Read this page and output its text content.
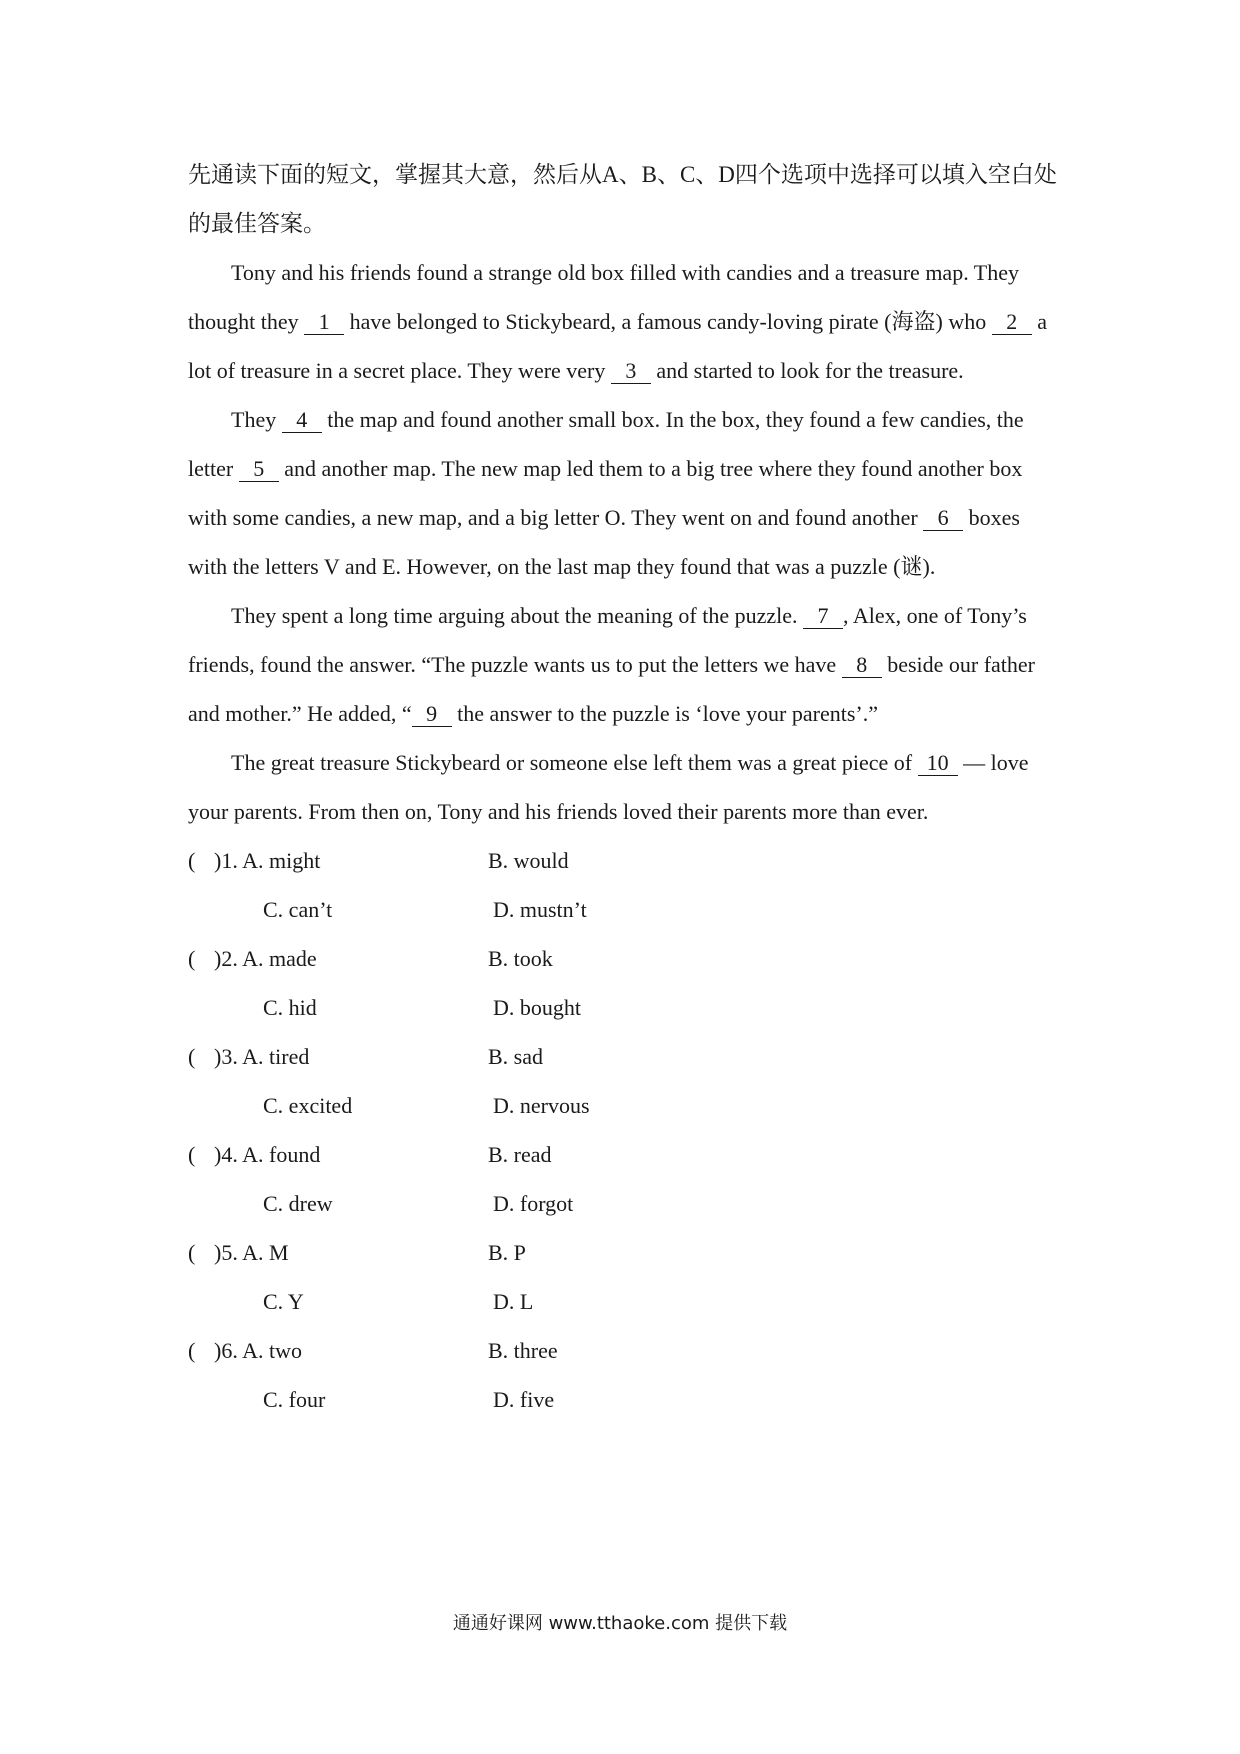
先通读下面的短文，掌握其大意，然后从A、B、C、D四个选项中选择可以填入空白处的最佳答案。

Tony and his friends found a strange old box filled with candies and a treasure map. They thought they 1 have belonged to Stickybeard, a famous candy-loving pirate (海盗) who 2 a lot of treasure in a secret place. They were very 3 and started to look for the treasure.

They 4 the map and found another small box. In the box, they found a few candies, the letter 5 and another map. The new map led them to a big tree where they found another box with some candies, a new map, and a big letter O. They went on and found another 6 boxes with the letters V and E. However, on the last map they found that was a puzzle (谜).

They spent a long time arguing about the meaning of the puzzle. 7 , Alex, one of Tony’s friends, found the answer. “The puzzle wants us to put the letters we have 8 beside our father and mother.” He added, “ 9 the answer to the puzzle is ‘love your parents’.”

The great treasure Stickybeard or someone else left them was a great piece of 10 — love your parents. From then on, Tony and his friends loved their parents more than ever.

( )1. A. might	B. would
C. can’t	D. mustn’t
( )2. A. made	B. took
C. hid	D. bought
( )3. A. tired	B. sad
C. excited	D. nervous
( )4. A. found	B. read
C. drew	D. forgot
( )5. A. M	B. P
C. Y	D. L
( )6. A. two	B. three
C. four	D. five
通通好课网 www.tthaoke.com 提供下载
